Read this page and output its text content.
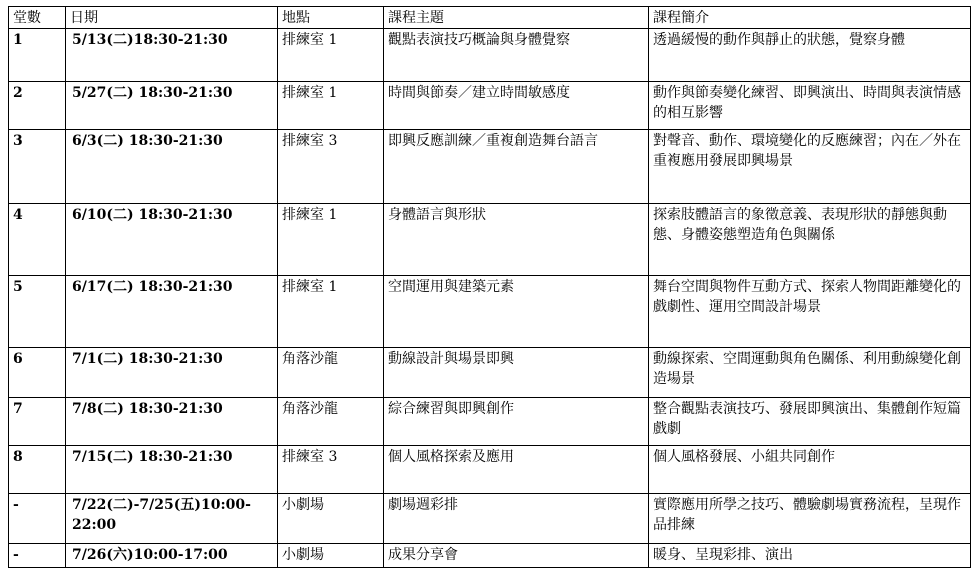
堂數	日期	地點	課程主題	課程簡介
1	5/13(二)18:30-21:30	排練室 1	觀點表演技巧概論與身體覺察	透過緩慢的動作與靜止的狀態，覺察身體
2	5/27(二) 18:30-21:30	排練室 1	時間與節奏／建立時間敏感度	動作與節奏變化練習、即興演出、時間與表演情感的相互影響
3	6/3(二) 18:30-21:30	排練室 3	即興反應訓練／重複創造舞台語言	對聲音、動作、環境變化的反應練習；內在／外在重複應用發展即興場景
4	6/10(二) 18:30-21:30	排練室 1	身體語言與形狀	探索肢體語言的象徵意義、表現形狀的靜態與動態、身體姿態塑造角色與關係
5	6/17(二) 18:30-21:30	排練室 1	空間運用與建築元素	舞台空間與物件互動方式、探索人物間距離變化的戲劇性、運用空間設計場景
6	7/1(二) 18:30-21:30	角落沙龍	動線設計與場景即興	動線探索、空間運動與角色關係、利用動線變化創造場景
7	7/8(二) 18:30-21:30	角落沙龍	綜合練習與即興創作	整合觀點表演技巧、發展即興演出、集體創作短篇戲劇
8	7/15(二) 18:30-21:30	排練室 3	個人風格探索及應用	個人風格發展、小組共同創作
-	7/22(二)-7/25(五)10:00-22:00	小劇場	劇場週彩排	實際應用所學之技巧、體驗劇場實務流程，呈現作品排練
-	7/26(六)10:00-17:00	小劇場	成果分享會	暖身、呈現彩排、演出
